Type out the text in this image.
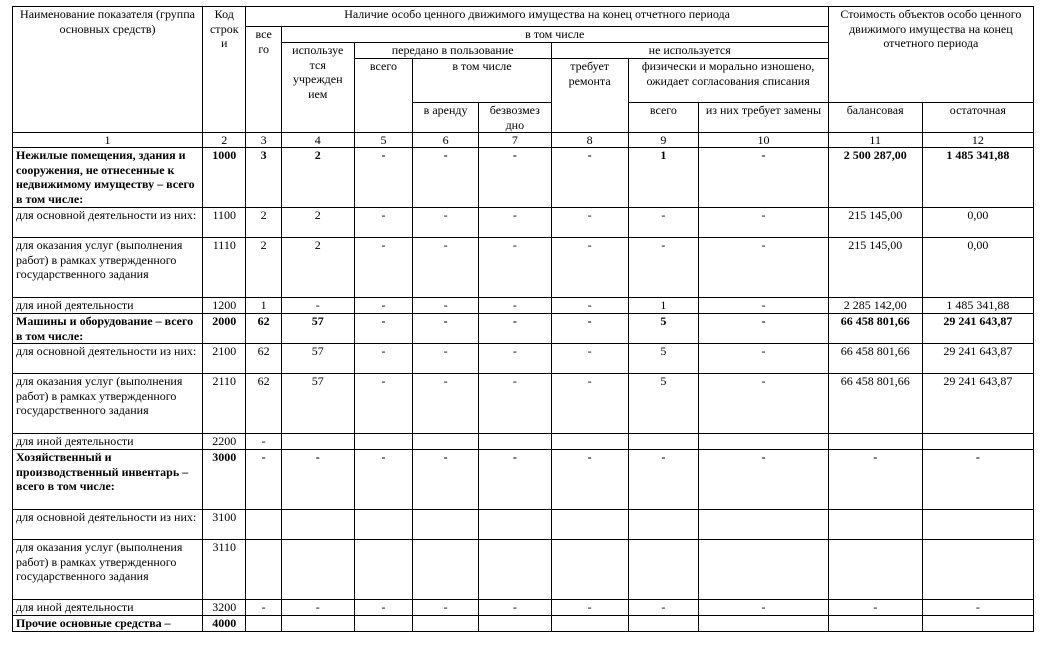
Наименование показателя (группа основных средств)	Код строк и	Наличие особо ценного движимого имущества на конец отчетного периода								Стоимость объектов особо ценного движимого имущества на конец отчетного периода	
		все го	в том числе								
			используе тся учрежден ием	передано в пользование			не используется				
				всего	в том числе		требует ремонта	физически и морально изношено, ожидает согласования списания			
					в аренду	безвозмез дно		всего	из них требует замены	балансовая	остаточная
1	2	3	4	5	6	7	8	9	10	11	12
Нежилые помещения, здания и сооружения, не отнесенные к недвижимому имуществу – всего в том числе:	1000	3	2	-	-	-	-	1	-	2 500 287,00	1 485 341,88
для основной деятельности из них:	1100	2	2	-	-	-	-	-	-	215 145,00	0,00
для оказания услуг (выполнения работ) в рамках утвержденного государственного задания	1110	2	2	-	-	-	-	-	-	215 145,00	0,00
для иной деятельности	1200	1	-	-	-	-	-	1	-	2 285 142,00	1 485 341,88
Машины и оборудование – всего в том числе:	2000	62	57	-	-	-	-	5	-	66 458 801,66	29 241 643,87
для основной деятельности из них:	2100	62	57	-	-	-	-	5	-	66 458 801,66	29 241 643,87
для оказания услуг (выполнения работ) в рамках утвержденного государственного задания	2110	62	57	-	-	-	-	5	-	66 458 801,66	29 241 643,87
для иной деятельности	2200	-									
Хозяйственный и производственный инвентарь – всего в том числе:	3000	-	-	-	-	-	-	-	-	-	-
для основной деятельности из них:	3100										
для оказания услуг (выполнения работ) в рамках утвержденного государственного задания	3110										
для иной деятельности	3200	-	-	-	-	-	-	-	-	-	-
Прочие основные средства –	4000										
